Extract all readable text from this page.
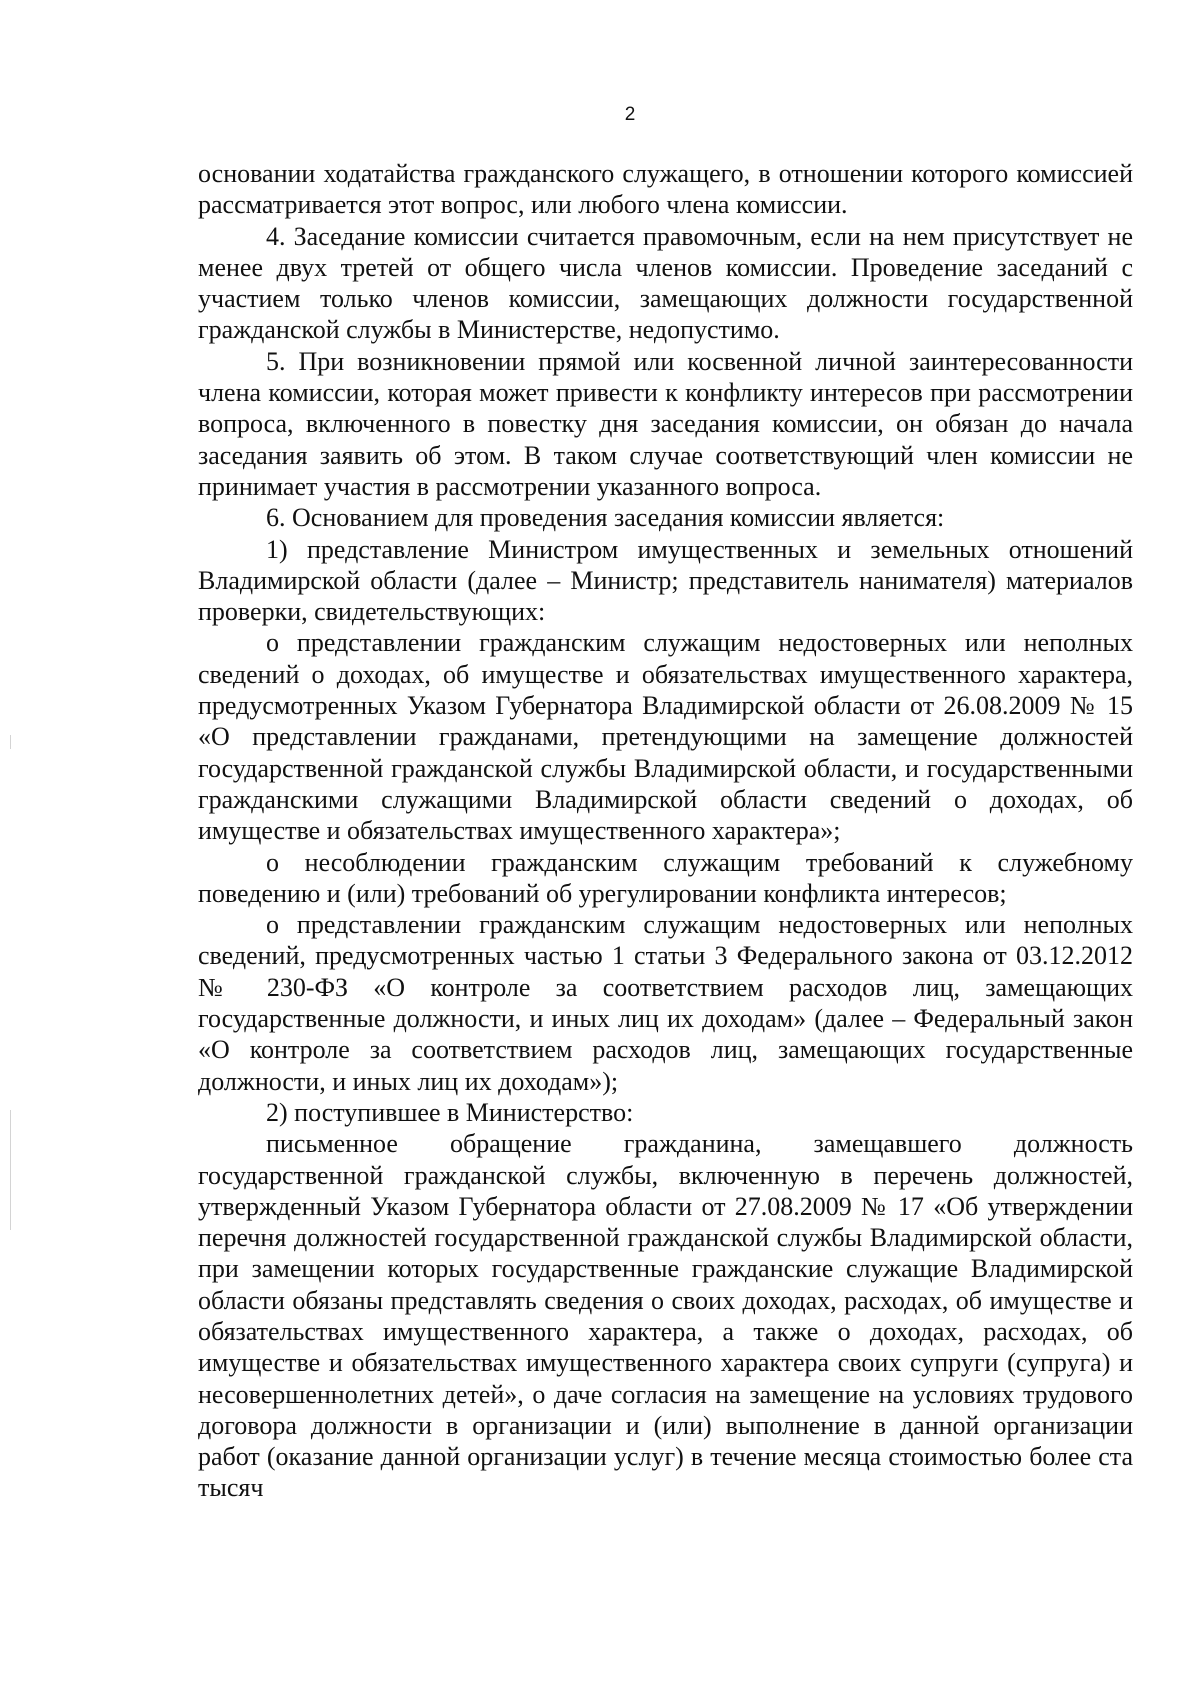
2

основании ходатайства гражданского служащего, в отношении которого комиссией рассматривается этот вопрос, или любого члена комиссии.

4. Заседание комиссии считается правомочным, если на нем присутствует не менее двух третей от общего числа членов комиссии. Проведение заседаний с участием только членов комиссии, замещающих должности государственной гражданской службы в Министерстве, недопустимо.

5. При возникновении прямой или косвенной личной заинтересованности члена комиссии, которая может привести к конфликту интересов при рассмотрении вопроса, включенного в повестку дня заседания комиссии, он обязан до начала заседания заявить об этом. В таком случае соответствующий член комиссии не принимает участия в рассмотрении указанного вопроса.

6. Основанием для проведения заседания комиссии является:

1) представление Министром имущественных и земельных отношений Владимирской области (далее – Министр; представитель нанимателя) материалов проверки, свидетельствующих:

о представлении гражданским служащим недостоверных или неполных сведений о доходах, об имуществе и обязательствах имущественного характера, предусмотренных Указом Губернатора Владимирской области от 26.08.2009 № 15 «О представлении гражданами, претендующими на замещение должностей государственной гражданской службы Владимирской области, и государственными гражданскими служащими Владимирской области сведений о доходах, об имуществе и обязательствах имущественного характера»;

о несоблюдении гражданским служащим требований к служебному поведению и (или) требований об урегулировании конфликта интересов;

о представлении гражданским служащим недостоверных или неполных сведений, предусмотренных частью 1 статьи 3 Федерального закона от 03.12.2012 № 230-ФЗ «О контроле за соответствием расходов лиц, замещающих государственные должности, и иных лиц их доходам» (далее – Федеральный закон «О контроле за соответствием расходов лиц, замещающих государственные должности, и иных лиц их доходам»);

2) поступившее в Министерство:

письменное обращение гражданина, замещавшего должность государственной гражданской службы, включенную в перечень должностей, утвержденный Указом Губернатора области от 27.08.2009 № 17 «Об утверждении перечня должностей государственной гражданской службы Владимирской области, при замещении которых государственные гражданские служащие Владимирской области обязаны представлять сведения о своих доходах, расходах, об имуществе и обязательствах имущественного характера, а также о доходах, расходах, об имуществе и обязательствах имущественного характера своих супруги (супруга) и несовершеннолетних детей», о даче согласия на замещение на условиях трудового договора должности в организации и (или) выполнение в данной организации работ (оказание данной организации услуг) в течение месяца стоимостью более ста тысяч
